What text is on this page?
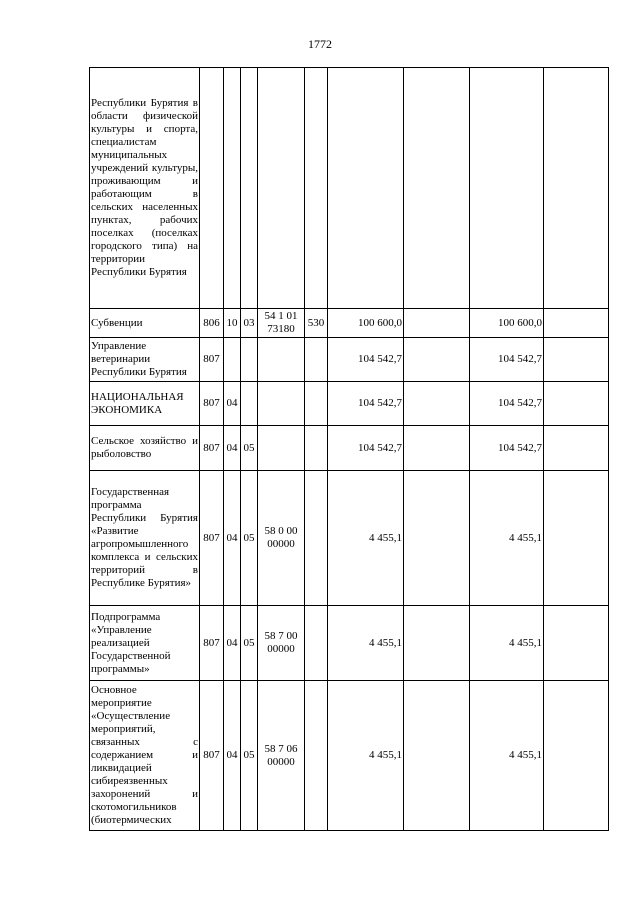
1772
Республики Бурятия в области физической культуры и спорта, специалистам муниципальных учреждений культуры, проживающим и работающим в сельских населенных пунктах, рабочих поселках (поселках городского типа) на территории Республики Бурятия									
Субвенции	806	10	03	54 1 01 73180	530	100 600,0		100 600,0	
Управление ветеринарии Республики Бурятия	807					104 542,7		104 542,7	
НАЦИОНАЛЬНАЯ ЭКОНОМИКА	807	04				104 542,7		104 542,7	
Сельское хозяйство и рыболовство	807	04	05			104 542,7		104 542,7	
Государственная программа Республики Бурятия «Развитие агропромышленного комплекса и сельских территорий в Республике Бурятия»	807	04	05	58 0 00 00000		4 455,1		4 455,1	
Подпрограмма «Управление реализацией Государственной программы»	807	04	05	58 7 00 00000		4 455,1		4 455,1	
Основное мероприятие «Осуществление мероприятий, связанных с содержанием и ликвидацией сибиреязвенных захоронений и скотомогильников (биотермических	807	04	05	58 7 06 00000		4 455,1		4 455,1	
